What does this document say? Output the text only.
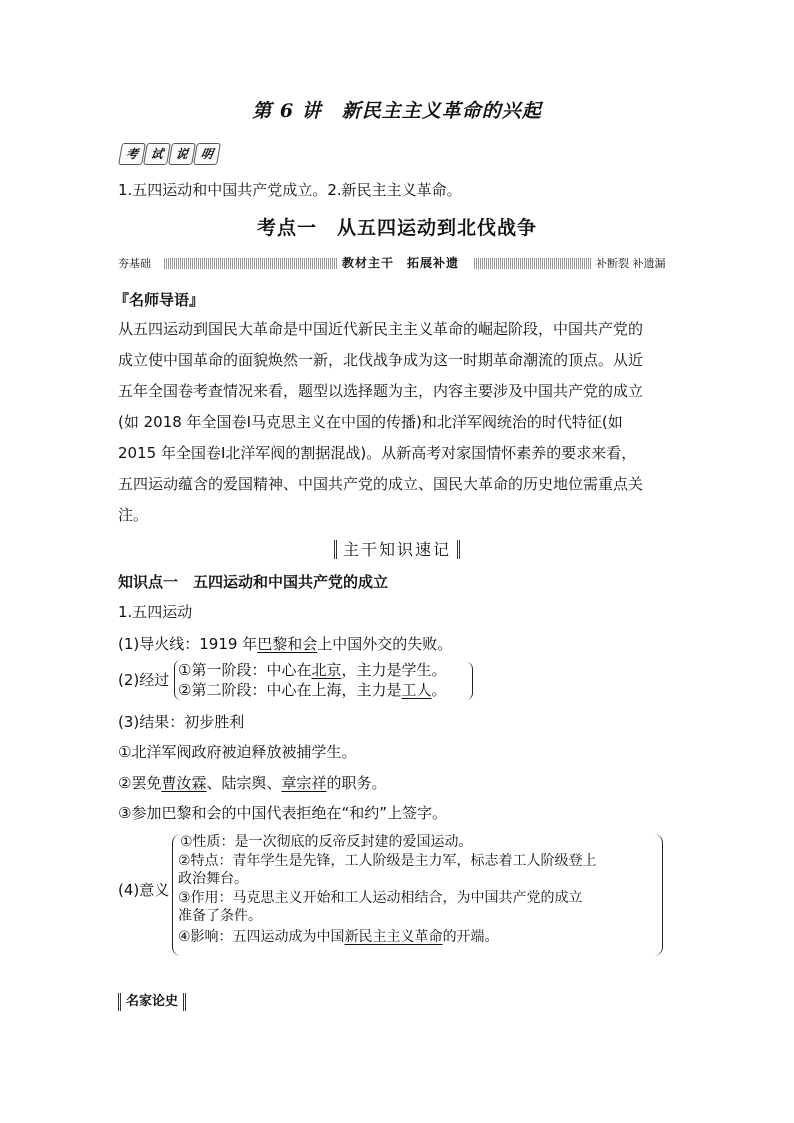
第 6 讲　新民主主义革命的兴起
考 试 说 明
1.五四运动和中国共产党成立。2.新民主主义革命。
考点一　从五四运动到北伐战争
夯基础	教材主干　拓展补遗	补断裂 补遗漏
『名师导语』
从五四运动到国民大革命是中国近代新民主主义革命的崛起阶段，中国共产党的
成立使中国革命的面貌焕然一新，北伐战争成为这一时期革命潮流的顶点。从近
五年全国卷考查情况来看，题型以选择题为主，内容主要涉及中国共产党的成立
(如 2018 年全国卷Ⅰ马克思主义在中国的传播)和北洋军阀统治的时代特征(如
2015 年全国卷Ⅰ北洋军阀的割据混战)。从新高考对家国情怀素养的要求来看，
五四运动蕴含的爱国精神、中国共产党的成立、国民大革命的历史地位需重点关
注。
主干知识速记
知识点一　五四运动和中国共产党的成立
1.五四运动
(1)导火线：1919 年巴黎和会上中国外交的失败。
(2)经过
①第一阶段：中心在北京，主力是学生。
②第二阶段：中心在上海，主力是工人。
(3)结果：初步胜利
①北洋军阀政府被迫释放被捕学生。
②罢免曹汝霖、陆宗舆、章宗祥的职务。
③参加巴黎和会的中国代表拒绝在“和约”上签字。
(4)意义
①性质：是一次彻底的反帝反封建的爱国运动。
②特点：青年学生是先锋，工人阶级是主力军，标志着工人阶级登上
政治舞台。
③作用：马克思主义开始和工人运动相结合，为中国共产党的成立
准备了条件。
④影响：五四运动成为中国新民主主义革命的开端。
名家论史
